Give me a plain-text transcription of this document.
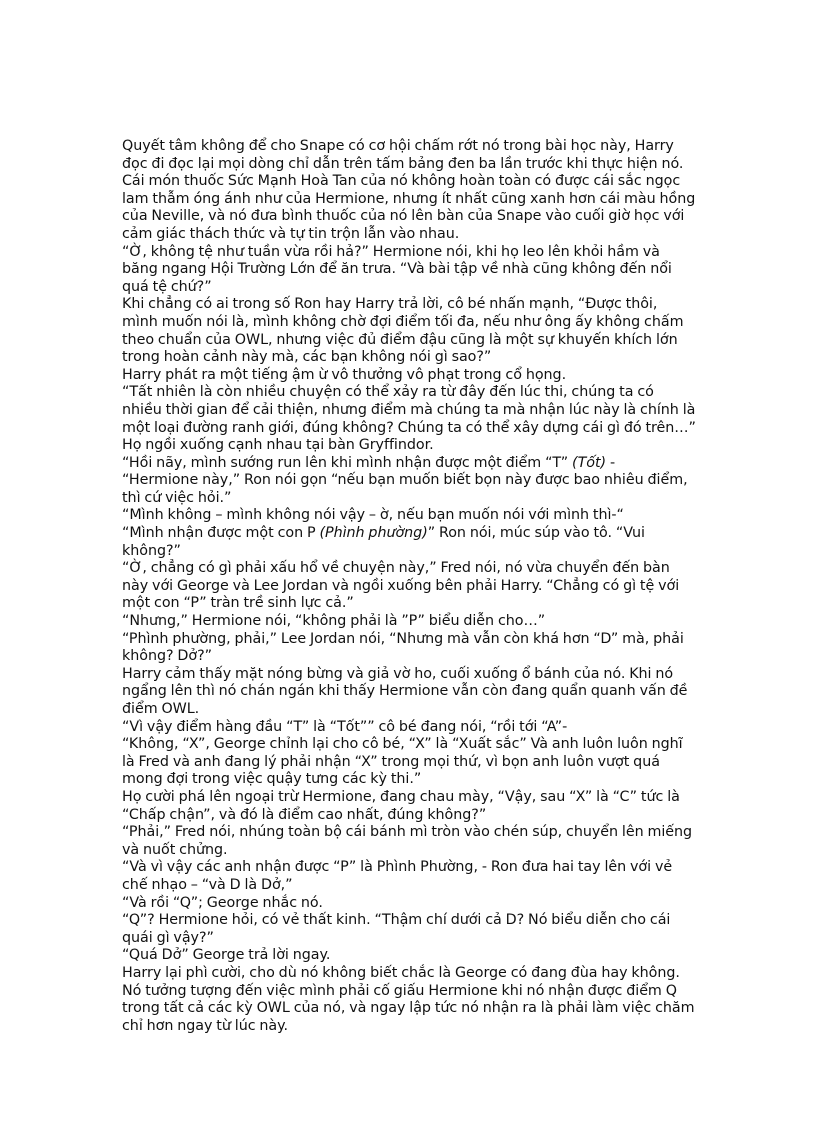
Quyết tâm không để cho Snape có cơ hội chấm rớt nó trong bài học này, Harry đọc đi đọc lại mọi dòng chỉ dẫn trên tấm bảng đen ba lần trước khi thực hiện nó. Cái món thuốc Sức Mạnh Hoà Tan của nó không hoàn toàn có được cái sắc ngọc lam thẫm óng ánh như của Hermione, nhưng ít nhất cũng xanh hơn cái màu hồng của Neville, và nó đưa bình thuốc của nó lên bàn của Snape vào cuối giờ học với cảm giác thách thức và tự tin trộn lẫn vào nhau.

“Ờ, không tệ như tuần vừa rồi hả?” Hermione nói, khi họ leo lên khỏi hầm và băng ngang Hội Trường Lớn để ăn trưa. “Và bài tập về nhà cũng không đến nổi quá tệ chứ?”

Khi chẳng có ai trong số Ron hay Harry trả lời, cô bé nhấn mạnh, “Được thôi, mình muốn nói là, mình không chờ đợi điểm tối đa, nếu như ông ấy không chấm theo chuẩn của OWL, nhưng việc đủ điểm đậu cũng là một sự khuyến khích lớn trong hoàn cảnh này mà, các bạn không nói gì sao?”

Harry phát ra một tiếng ậm ừ vô thưởng vô phạt trong cổ họng.

“Tất nhiên là còn nhiều chuyện có thể xảy ra từ đây đến lúc thi, chúng ta có nhiều thời gian để cải thiện, nhưng điểm mà chúng ta mà nhận lúc này là chính là một loại đường ranh giới, đúng không? Chúng ta có thể xây dựng cái gì đó trên…”

Họ ngồi xuống cạnh nhau tại bàn Gryffindor.

“Hồi nãy, mình sướng run lên khi mình nhận được một điểm “T” (Tốt) -

“Hermione này,” Ron nói gọn “nếu bạn muốn biết bọn này được bao nhiêu điểm, thì cứ việc hỏi.”

“Mình không – mình không nói vậy – ờ, nếu bạn muốn nói với mình thì-“

“Mình nhận được một con P (Phình phường)” Ron nói, múc súp vào tô. “Vui không?”

“Ờ, chẳng có gì phải xấu hổ về chuyện này,” Fred nói, nó vừa chuyển đến bàn này với George và Lee Jordan và ngồi xuống bên phải Harry. “Chẳng có gì tệ với một con “P” tràn trề sinh lực cả.”

“Nhưng,” Hermione nói, “không phải là ”P” biểu diễn cho…”

“Phình phường, phải,” Lee Jordan nói, “Nhưng mà vẫn còn khá hơn “D” mà, phải không? Dở?”

Harry cảm thấy mặt nóng bừng và giả vờ ho, cuối xuống ổ bánh của nó. Khi nó ngẩng lên thì nó chán ngán khi thấy Hermione vẫn còn đang quẩn quanh vấn đề điểm OWL.

“Vì vậy điểm hàng đầu “T” là “Tốt”” cô bé đang nói, “rồi tới “A”-

“Không, “X”, George chỉnh lại cho cô bé, “X” là “Xuất sắc” Và anh luôn luôn nghĩ là Fred và anh đang lý phải nhận “X” trong mọi thứ, vì bọn anh luôn vượt quá mong đợi trong việc quậy tưng các kỳ thi.”

Họ cười phá lên ngoại trừ Hermione, đang chau mày, “Vậy, sau “X” là “C” tức là “Chấp chận”, và đó là điểm cao nhất, đúng không?”

“Phải,” Fred nói, nhúng toàn bộ cái bánh mì tròn vào chén súp, chuyển lên miếng và nuốt chửng.

“Và vì vậy các anh nhận được “P” là Phình Phường, - Ron đưa hai tay lên với vẻ chế nhạo – “và D là Dở,”

“Và rồi “Q”; George nhắc nó.

“Q”? Hermione hỏi, có vẻ thất kinh. “Thậm chí dưới cả D? Nó biểu diễn cho cái quái gì vậy?”

“Quá Dở” George trả lời ngay.

Harry lại phì cười, cho dù nó không biết chắc là George có đang đùa hay không. Nó tưởng tượng đến việc mình phải cố giấu Hermione khi nó nhận được điểm Q trong tất cả các kỳ OWL của nó, và ngay lập tức nó nhận ra là phải làm việc chăm chỉ hơn ngay từ lúc này.
